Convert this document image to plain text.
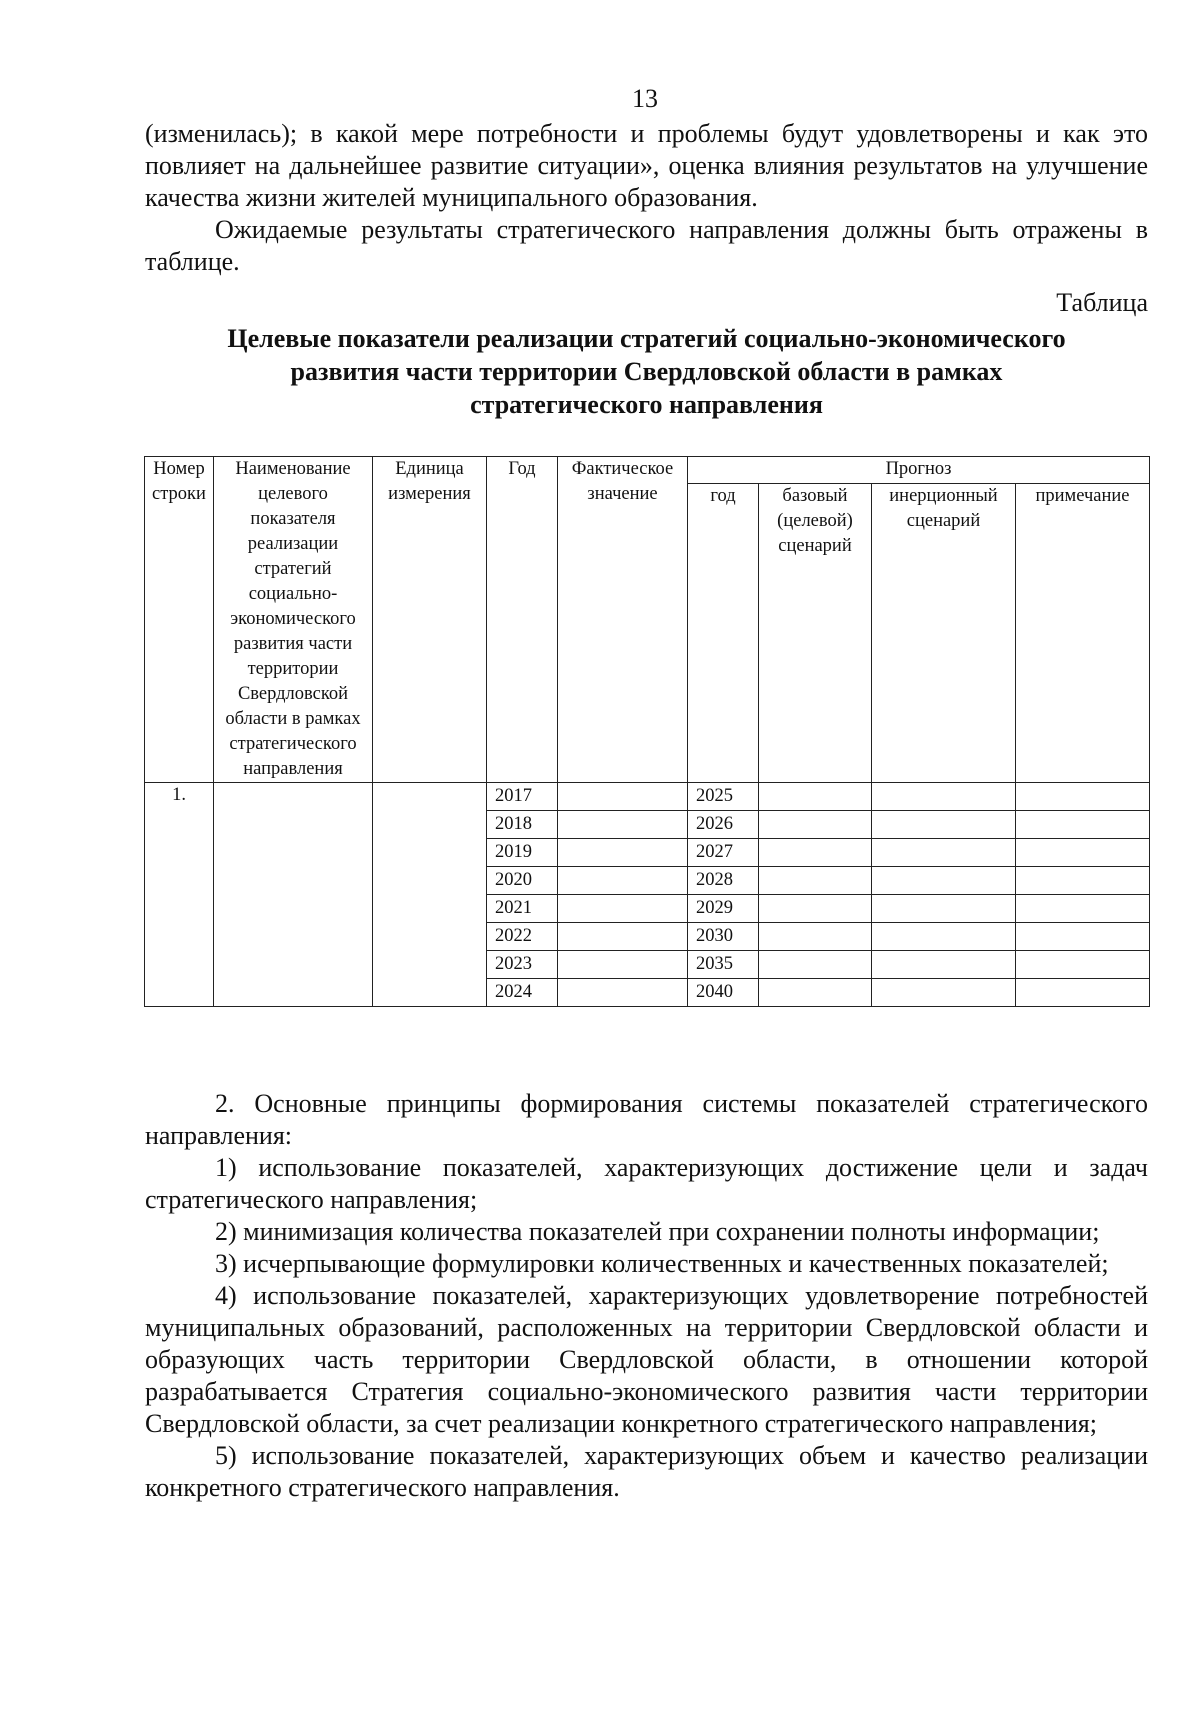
13

(изменилась); в какой мере потребности и проблемы будут удовлетворены и как это повлияет на дальнейшее развитие ситуации», оценка влияния результатов на улучшение качества жизни жителей муниципального образования.

Ожидаемые результаты стратегического направления должны быть отражены в таблице.

Таблица
Целевые показатели реализации стратегий социально-экономического
развития части территории Свердловской области в рамках
стратегического направления
Номер строки	Наименование целевого показателя реализации стратегий социально-экономического развития части территории Свердловской области в рамках стратегического направления	Единица измерения	Год	Фактическое значение	Прогноз			
					год	базовый (целевой) сценарий	инерционный сценарий	примечание
1.			2017		2025			
			2018		2026			
			2019		2027			
			2020		2028			
			2021		2029			
			2022		2030			
			2023		2035			
			2024		2040			

2. Основные принципы формирования системы показателей стратегического направления:

1) использование показателей, характеризующих достижение цели и задач стратегического направления;

2) минимизация количества показателей при сохранении полноты информации;

3) исчерпывающие формулировки количественных и качественных показателей;

4) использование показателей, характеризующих удовлетворение потребностей муниципальных образований, расположенных на территории Свердловской области и образующих часть территории Свердловской области, в отношении которой разрабатывается Стратегия социально-экономического развития части территории Свердловской области, за счет реализации конкретного стратегического направления;

5) использование показателей, характеризующих объем и качество реализации конкретного стратегического направления.
